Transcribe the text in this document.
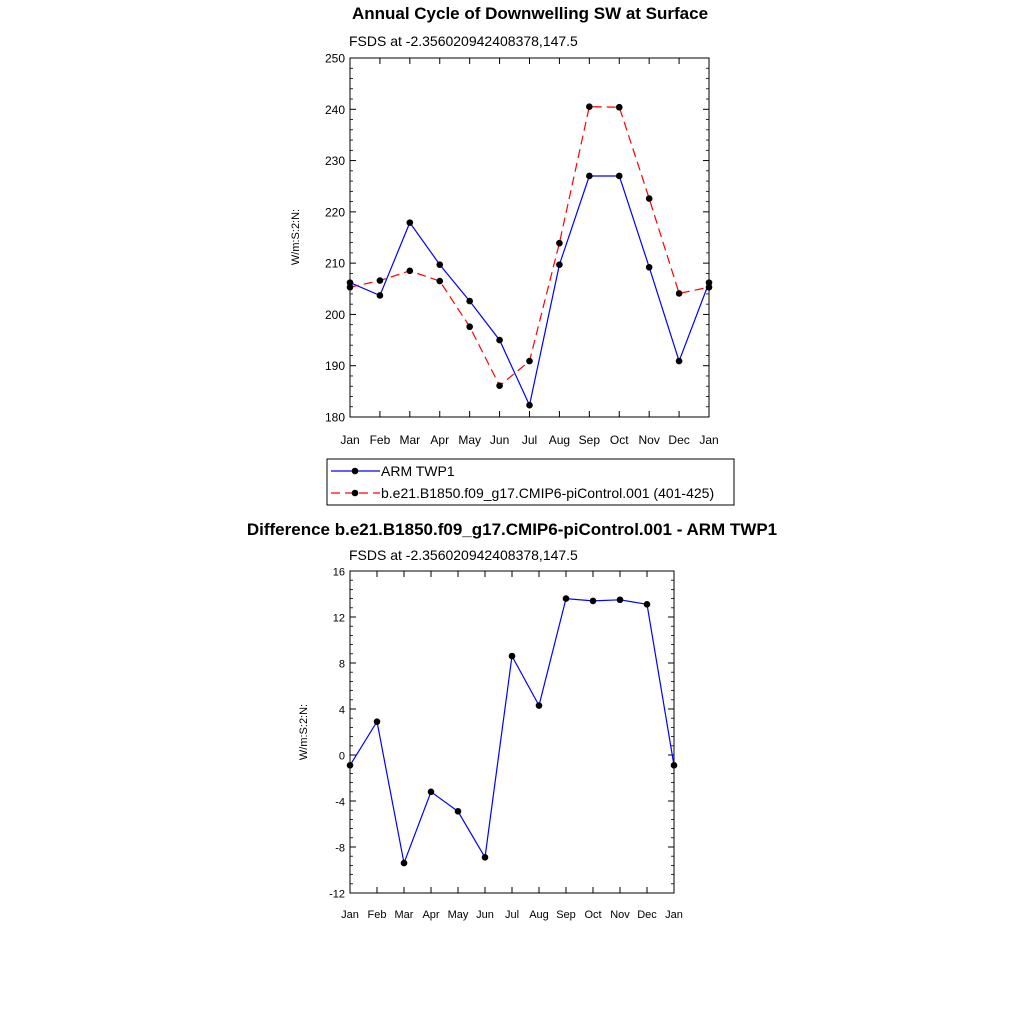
Annual Cycle of Downwelling SW at Surface
FSDS at -2.356020942408378,147.5
W/m:S:2:N:
180
190
200
210
220
230
240
250
Jan Feb Mar Apr May Jun Jul Aug Sep Oct Nov Dec Jan
ARM TWP1
b.e21.B1850.f09_g17.CMIP6-piControl.001 (401-425)
Difference b.e21.B1850.f09_g17.CMIP6-piControl.001 - ARM TWP1
FSDS at -2.356020942408378,147.5
W/m:S:2:N:
-12
-8
-4
0
4
8
12
16
Jan Feb Mar Apr May Jun Jul Aug Sep Oct Nov Dec Jan
